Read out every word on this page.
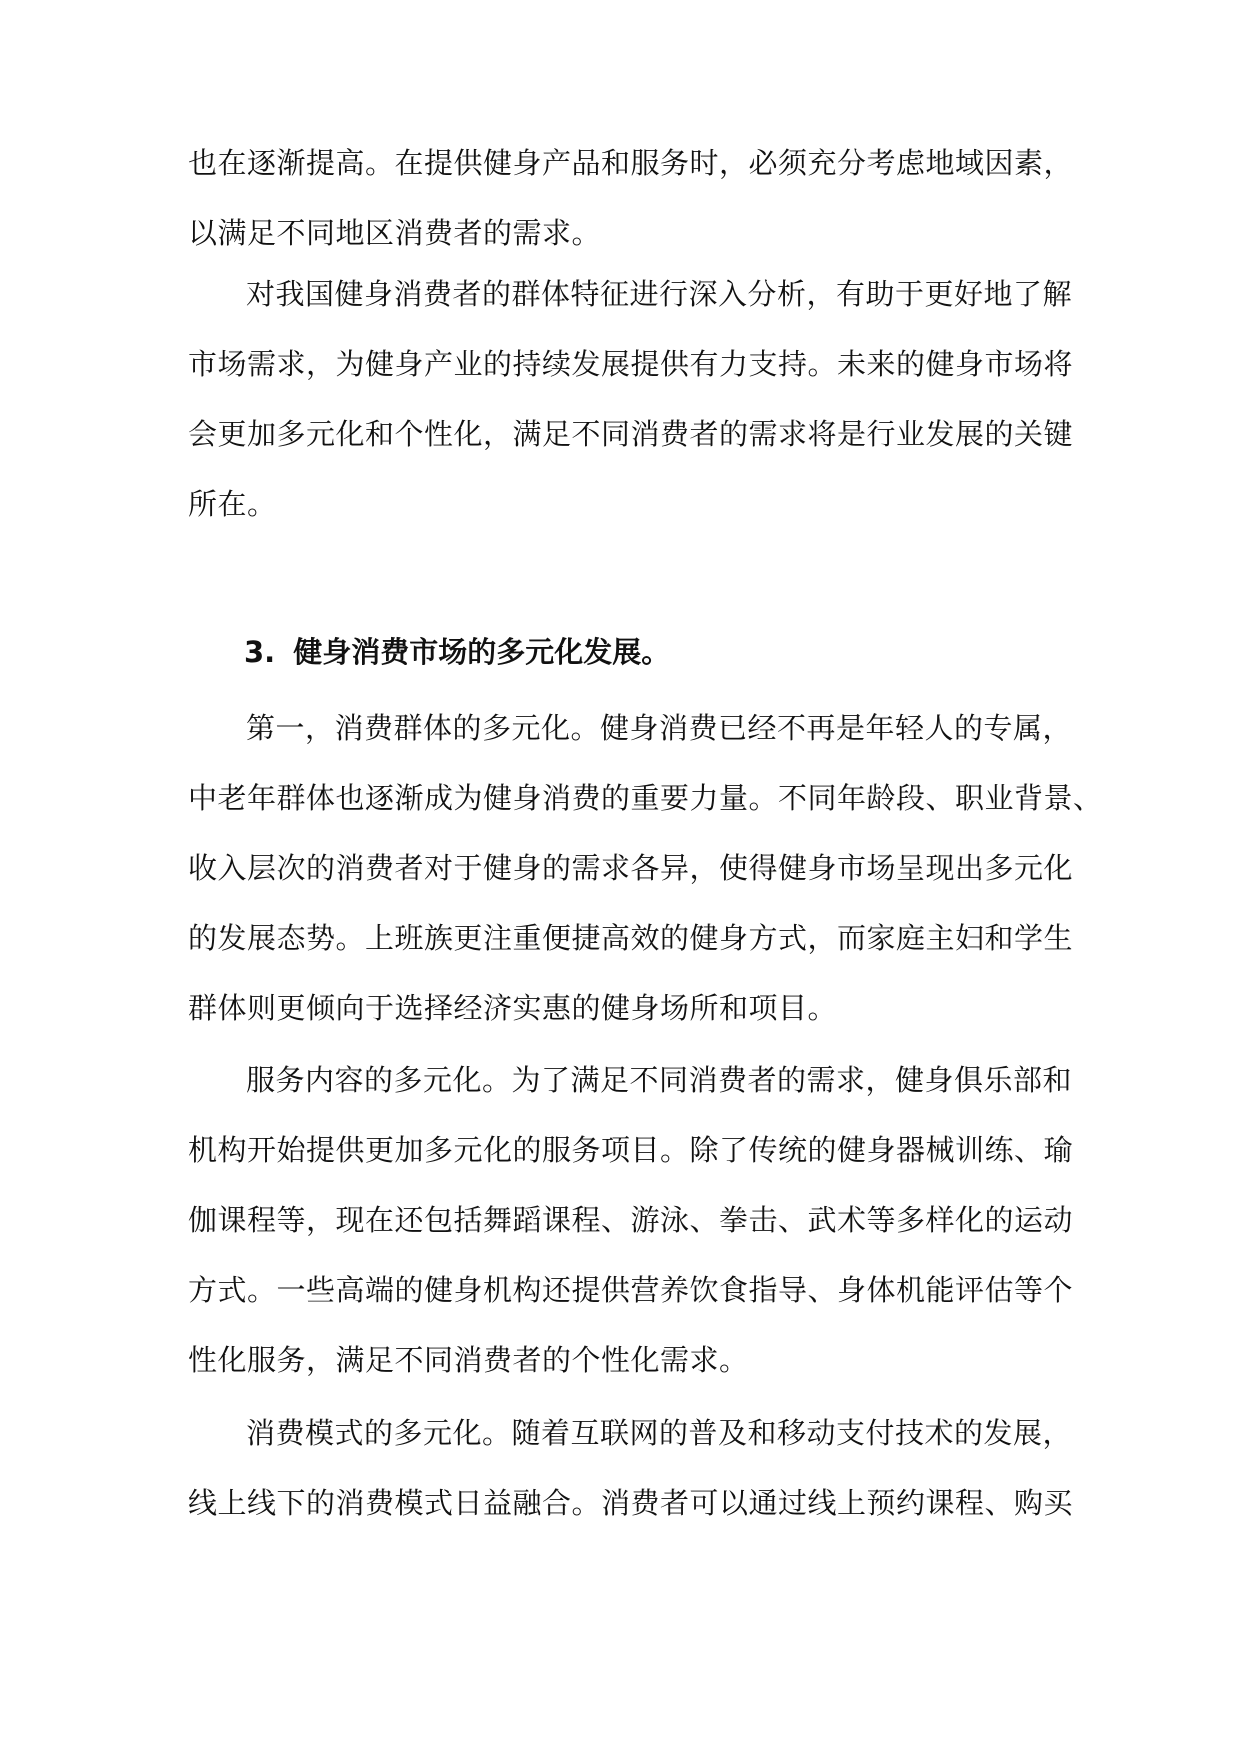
也在逐渐提高。在提供健身产品和服务时，必须充分考虑地域因素，
以满足不同地区消费者的需求。
对我国健身消费者的群体特征进行深入分析，有助于更好地了解
市场需求，为健身产业的持续发展提供有力支持。未来的健身市场将
会更加多元化和个性化，满足不同消费者的需求将是行业发展的关键
所在。
3. 健身消费市场的多元化发展。
第一，消费群体的多元化。健身消费已经不再是年轻人的专属，
中老年群体也逐渐成为健身消费的重要力量。不同年龄段、职业背景、
收入层次的消费者对于健身的需求各异，使得健身市场呈现出多元化
的发展态势。上班族更注重便捷高效的健身方式，而家庭主妇和学生
群体则更倾向于选择经济实惠的健身场所和项目。
服务内容的多元化。为了满足不同消费者的需求，健身俱乐部和
机构开始提供更加多元化的服务项目。除了传统的健身器械训练、瑜
伽课程等，现在还包括舞蹈课程、游泳、拳击、武术等多样化的运动
方式。一些高端的健身机构还提供营养饮食指导、身体机能评估等个
性化服务，满足不同消费者的个性化需求。
消费模式的多元化。随着互联网的普及和移动支付技术的发展，
线上线下的消费模式日益融合。消费者可以通过线上预约课程、购买
